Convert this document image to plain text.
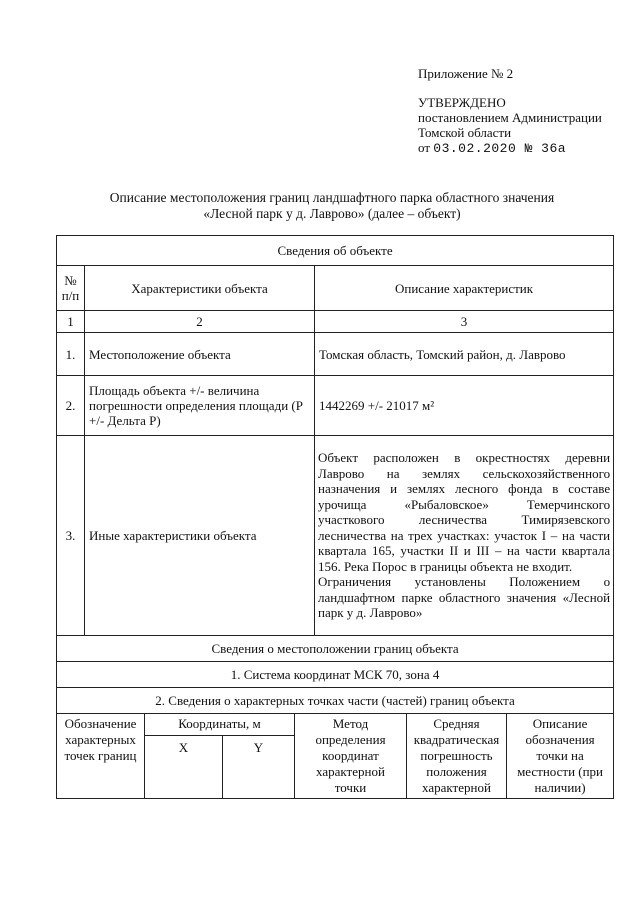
Приложение № 2
УТВЕРЖДЕНО
постановлением Администрации
Томской области
от 03.02.2020 № 36а
Описание местоположения границ ландшафтного парка областного значения
«Лесной парк у д. Лаврово» (далее – объект)
Сведения об объекте							
№ п/п	Характеристики объекта				Описание характеристик		
1	2				3		
1.	Местоположение объекта				Томская область, Томский район, д. Лаврово		
2.	Площадь объекта +/- величина погрешности определения площади (P +/- Дельта P)				1442269 +/- 21017 м²		
3.	Иные характеристики объекта				Объект расположен в окрестностях деревни Лаврово на землях сельскохозяйственного назначения и землях лесного фонда в составе урочища «Рыбаловское» Темерчинского участкового лесничества Тимирязевского лесничества на трех участках: участок I – на части квартала 165, участки II и III – на части квартала 156. Река Порос в границы объекта не входит.
Ограничения установлены Положением о ландшафтном парке областного значения «Лесной парк у д. Лаврово»		

Сведения о местоположении границ объекта							
1. Система координат МСК 70, зона 4							
2. Сведения о характерных точках части (частей) границ объекта							
Обозначение характерных точек границ		Координаты, м		Метод определения координат характерной точки		Средняя квадратическая погрешность положения характерной	Описание обозначения точки на местности (при наличии)
		X	Y				
